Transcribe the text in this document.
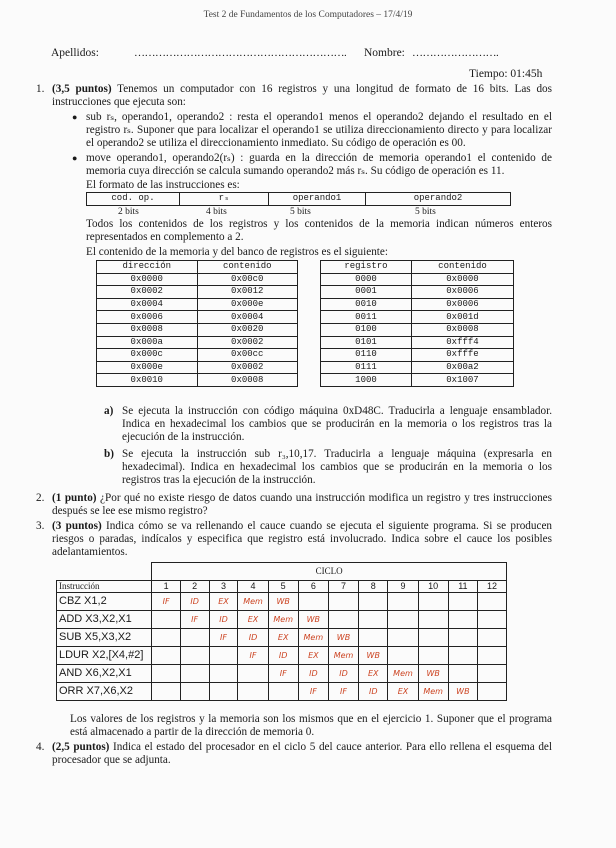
Test 2 de Fundamentos de los Computadores – 17/4/19
Apellidos:	……………………………………………………. Nombre: …………………….
Tiempo: 01:45h
1. (3,5 puntos) Tenemos un computador con 16 registros y una longitud de formato de 16 bits. Las dos instrucciones que ejecuta son:
● sub rₛ, operando1, operando2 : resta el operando1 menos el operando2 dejando el resultado en el registro rₛ. Suponer que para localizar el operando1 se utiliza direccionamiento directo y para localizar el operando2 se utiliza el direccionamiento inmediato. Su código de operación es 00.
● move operando1, operando2(rₛ) : guarda en la dirección de memoria operando1 el contenido de memoria cuya dirección se calcula sumando operando2 más rₛ. Su código de operación es 11.
El formato de las instrucciones es:
cod. op.	rₛ	operando1	operando2
2 bits	4 bits	5 bits	5 bits
Todos los contenidos de los registros y los contenidos de la memoria indican números enteros representados en complemento a 2.
El contenido de la memoria y del banco de registros es el siguiente:
dirección	contenido
0x0000	0x00c0
0x0002	0x0012
0x0004	0x000e
0x0006	0x0004
0x0008	0x0020
0x000a	0x0002
0x000c	0x00cc
0x000e	0x0002
0x0010	0x0008
registro	contenido
0000	0x0000
0001	0x0006
0010	0x0006
0011	0x001d
0100	0x0008
0101	0xfff4
0110	0xfffe
0111	0x00a2
1000	0x1007
a) Se ejecuta la instrucción con código máquina 0xD48C. Traducirla a lenguaje ensamblador. Indica en hexadecimal los cambios que se producirán en la memoria o los registros tras la ejecución de la instrucción.
b) Se ejecuta la instrucción sub r₃,10,17. Traducirla a lenguaje máquina (expresarla en hexadecimal). Indica en hexadecimal los cambios que se producirán en la memoria o los registros tras la ejecución de la instrucción.
2. (1 punto) ¿Por qué no existe riesgo de datos cuando una instrucción modifica un registro y tres instrucciones después se lee ese mismo registro?
3. (3 puntos) Indica cómo se va rellenando el cauce cuando se ejecuta el siguiente programa. Si se producen riesgos o paradas, indícalos y especifica que registro está involucrado. Indica sobre el cauce los posibles adelantamientos.
	CICLO											
Instrucción	1	2	3	4	5	6	7	8	9	10	11	12
CBZ X1,2	IF	ID	EX	Mem	WB							
ADD X3,X2,X1		IF	ID	EX	Mem	WB						
SUB X5,X3,X2			IF	ID	EX	Mem	WB					
LDUR X2,[X4,#2]				IF	ID	EX	Mem	WB				
AND X6,X2,X1					IF	ID	ID	EX	Mem	WB		
ORR X7,X6,X2						IF	IF	ID	EX	Mem	WB	
Los valores de los registros y la memoria son los mismos que en el ejercicio 1. Suponer que el programa está almacenado a partir de la dirección de memoria 0.
4. (2,5 puntos) Indica el estado del procesador en el ciclo 5 del cauce anterior. Para ello rellena el esquema del procesador que se adjunta.
